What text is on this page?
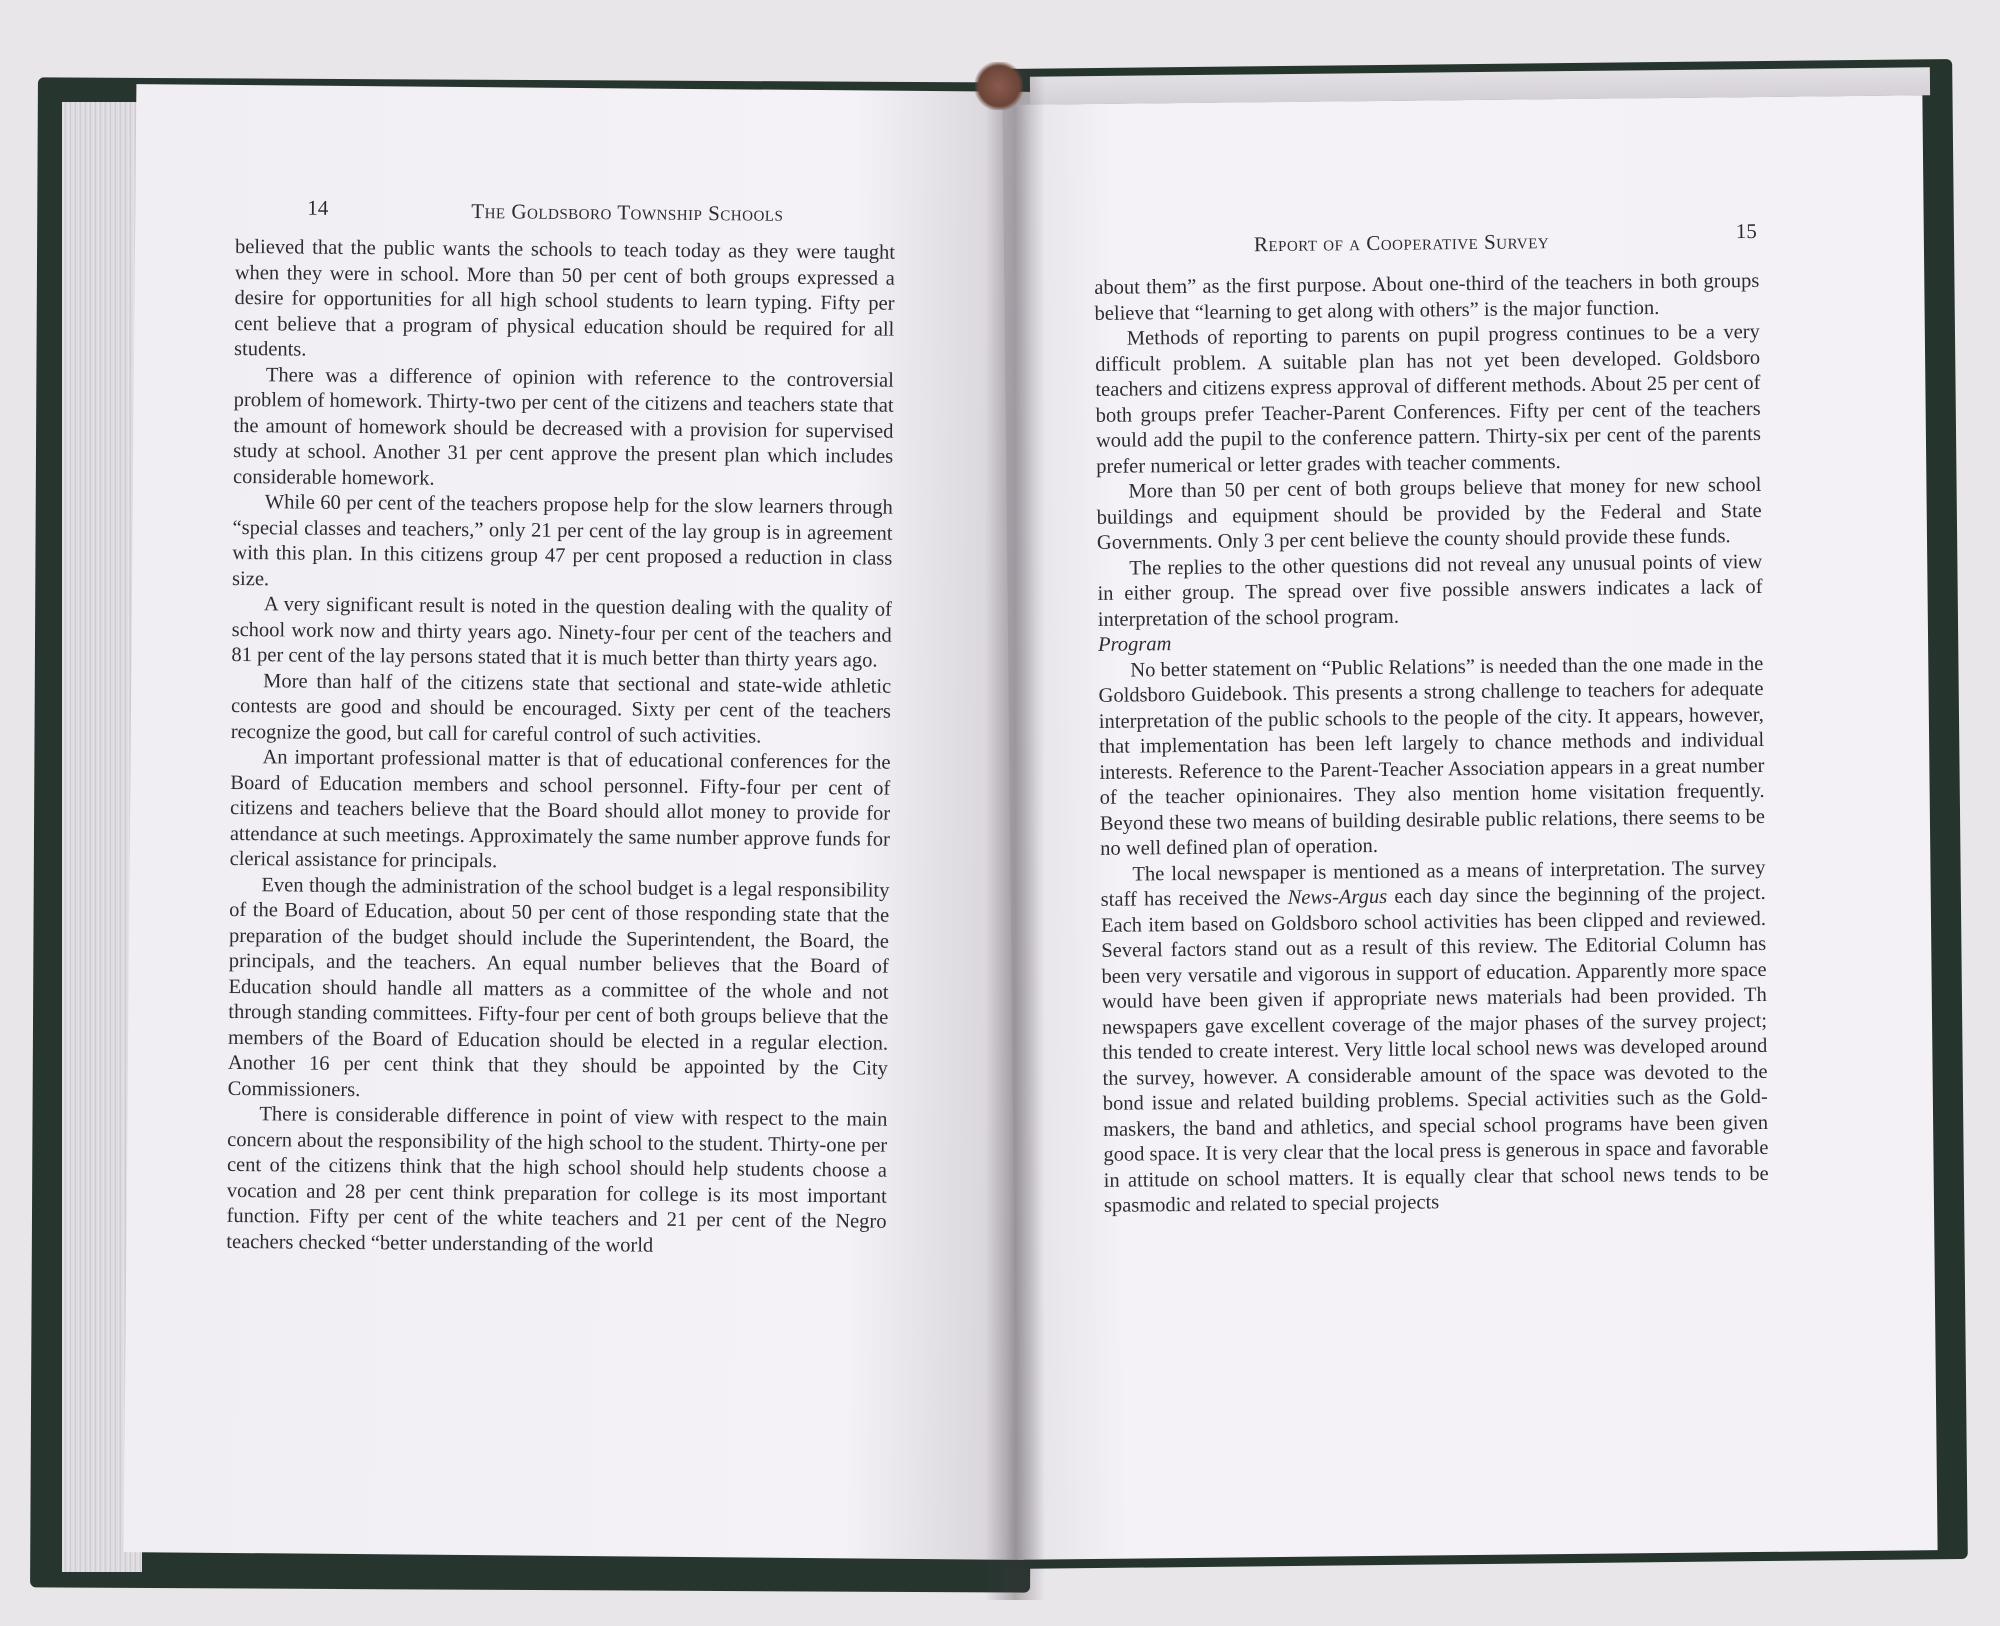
14	The Goldsboro Township Schools

believed that the public wants the schools to teach today as they were taught when they were in school. More than 50 per cent of both groups expressed a desire for opportunities for all high school students to learn typing. Fifty per cent believe that a program of physical education should be required for all students.

There was a difference of opinion with reference to the controversial problem of homework. Thirty-two per cent of the citizens and teachers state that the amount of homework should be decreased with a provision for supervised study at school. Another 31 per cent approve the present plan which includes considerable homework.

While 60 per cent of the teachers propose help for the slow learners through “special classes and teachers,” only 21 per cent of the lay group is in agreement with this plan. In this citizens group 47 per cent proposed a reduction in class size.

A very significant result is noted in the question dealing with the quality of school work now and thirty years ago. Ninety-four per cent of the teachers and 81 per cent of the lay persons stated that it is much better than thirty years ago.

More than half of the citizens state that sectional and state-wide athletic contests are good and should be encouraged. Sixty per cent of the teachers recognize the good, but call for careful control of such activities.

An important professional matter is that of educational conferences for the Board of Education members and school personnel. Fifty-four per cent of citizens and teachers believe that the Board should allot money to provide for attendance at such meetings. Approximately the same number approve funds for clerical assistance for principals.

Even though the administration of the school budget is a legal responsibility of the Board of Education, about 50 per cent of those responding state that the preparation of the budget should include the Superintendent, the Board, the principals, and the teachers. An equal number believes that the Board of Education should handle all matters as a committee of the whole and not through standing committees. Fifty-four per cent of both groups believe that the members of the Board of Education should be elected in a regular election. Another 16 per cent think that they should be appointed by the City Commissioners.

There is considerable difference in point of view with respect to the main concern about the responsibility of the high school to the student. Thirty-one per cent of the citizens think that the high school should help students choose a vocation and 28 per cent think preparation for college is its most important function. Fifty per cent of the white teachers and 21 per cent of the Negro teachers checked “better understanding of the world

Report of a Cooperative Survey	15

about them” as the first purpose. About one-third of the teachers in both groups believe that “learning to get along with others” is the major function.

Methods of reporting to parents on pupil progress continues to be a very difficult problem. A suitable plan has not yet been developed. Goldsboro teachers and citizens express approval of different methods. About 25 per cent of both groups prefer Teacher-Parent Conferences. Fifty per cent of the teachers would add the pupil to the conference pattern. Thirty-six per cent of the parents prefer numerical or letter grades with teacher comments.

More than 50 per cent of both groups believe that money for new school buildings and equipment should be provided by the Federal and State Governments. Only 3 per cent believe the county should provide these funds.

The replies to the other questions did not reveal any unusual points of view in either group. The spread over five possible answers indicates a lack of interpretation of the school program.

Program

No better statement on “Public Relations” is needed than the one made in the Goldsboro Guidebook. This presents a strong challenge to teachers for adequate interpretation of the public schools to the people of the city. It appears, however, that implementation has been left largely to chance methods and individual interests. Reference to the Parent-Teacher Association appears in a great number of the teacher opinionaires. They also mention home visitation frequently. Beyond these two means of building desirable public relations, there seems to be no well defined plan of operation.

The local newspaper is mentioned as a means of interpretation. The survey staff has received the News-Argus each day since the beginning of the project. Each item based on Goldsboro school activities has been clipped and reviewed. Several factors stand out as a result of this review. The Editorial Column has been very versatile and vigorous in support of education. Apparently more space would have been given if appropriate news materials had been provided. Th newspapers gave excellent coverage of the major phases of the survey project; this tended to create interest. Very little local school news was developed around the survey, however. A considerable amount of the space was devoted to the bond issue and related building problems. Special activities such as the Gold-maskers, the band and athletics, and special school programs have been given good space. It is very clear that the local press is generous in space and favorable in attitude on school matters. It is equally clear that school news tends to be spasmodic and related to special projects
